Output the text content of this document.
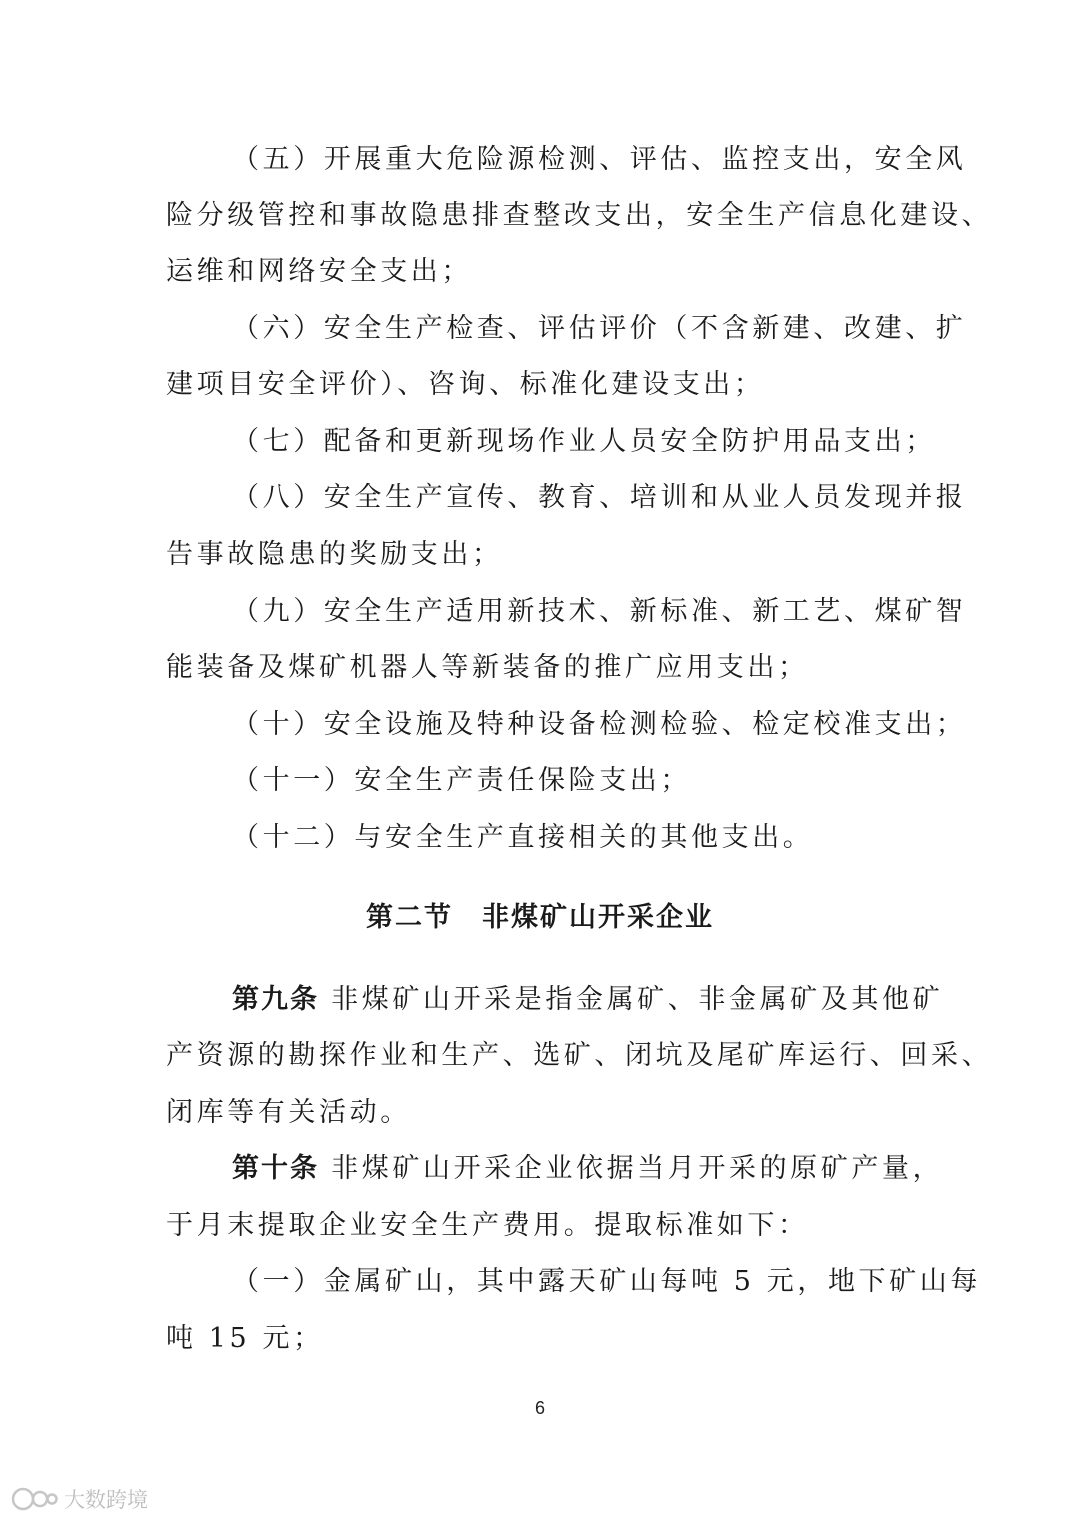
（五）开展重大危险源检测、评估、监控支出，安全风
险分级管控和事故隐患排查整改支出，安全生产信息化建设、
运维和网络安全支出；
（六）安全生产检查、评估评价（不含新建、改建、扩
建项目安全评价）、咨询、标准化建设支出；
（七）配备和更新现场作业人员安全防护用品支出；
（八）安全生产宣传、教育、培训和从业人员发现并报
告事故隐患的奖励支出；
（九）安全生产适用新技术、新标准、新工艺、煤矿智
能装备及煤矿机器人等新装备的推广应用支出；
（十）安全设施及特种设备检测检验、检定校准支出；
（十一）安全生产责任保险支出；
（十二）与安全生产直接相关的其他支出。
第二节　非煤矿山开采企业
第九条 非煤矿山开采是指金属矿、非金属矿及其他矿
产资源的勘探作业和生产、选矿、闭坑及尾矿库运行、回采、
闭库等有关活动。
第十条 非煤矿山开采企业依据当月开采的原矿产量，
于月末提取企业安全生产费用。提取标准如下：
（一）金属矿山，其中露天矿山每吨 5 元，地下矿山每
吨 15 元；
6
大数跨境
